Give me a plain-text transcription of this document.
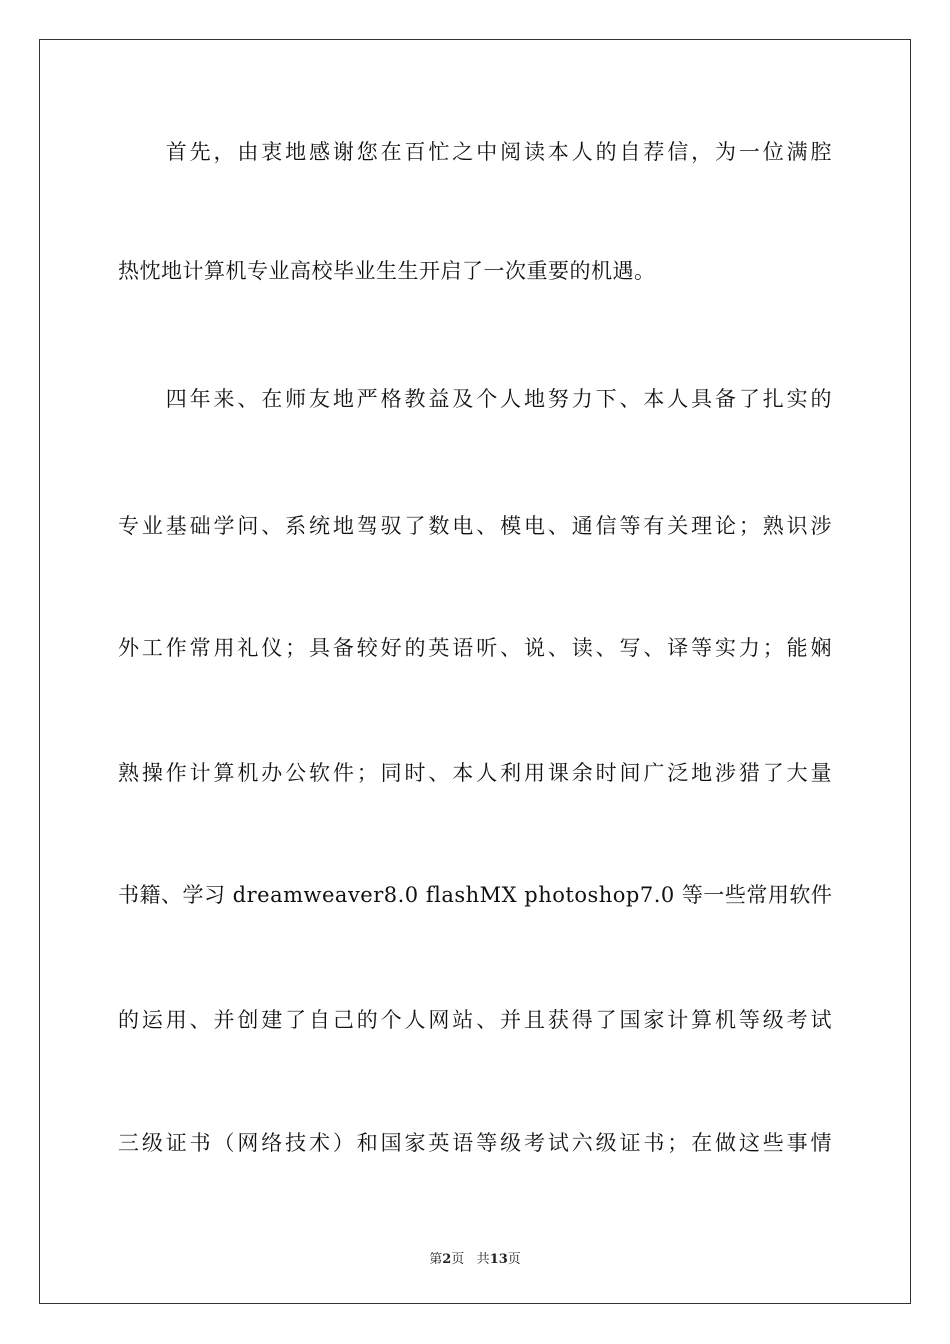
　　首先，由衷地感谢您在百忙之中阅读本人的自荐信，为一位满腔
热忱地计算机专业高校毕业生生开启了一次重要的机遇。
　　四年来、在师友地严格教益及个人地努力下、本人具备了扎实的
专业基础学问、系统地驾驭了数电、模电、通信等有关理论；熟识涉
外工作常用礼仪；具备较好的英语听、说、读、写、译等实力；能娴
熟操作计算机办公软件；同时、本人利用课余时间广泛地涉猎了大量
书籍、学习 dreamweaver8.0 flashMX photoshop7.0 等一些常用软件
的运用、并创建了自己的个人网站、并且获得了国家计算机等级考试
三级证书（网络技术）和国家英语等级考试六级证书；在做这些事情
第2页 共13页
